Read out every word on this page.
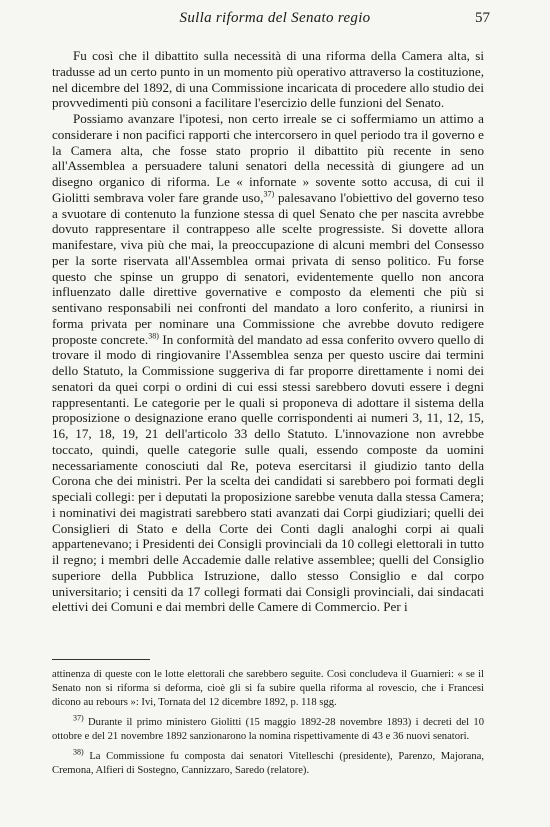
Sulla riforma del Senato regio	57

Fu così che il dibattito sulla necessità di una riforma della Camera alta, si tradusse ad un certo punto in un momento più operativo attraverso la costituzione, nel dicembre del 1892, di una Commissione incaricata di procedere allo studio dei provvedimenti più consoni a facilitare l'esercizio delle funzioni del Senato.

Possiamo avanzare l'ipotesi, non certo irreale se ci soffermiamo un attimo a considerare i non pacifici rapporti che intercorsero in quel periodo tra il governo e la Camera alta, che fosse stato proprio il dibattito più recente in seno all'Assemblea a persuadere taluni senatori della necessità di giungere ad un disegno organico di riforma. Le « infornate » sovente sotto accusa, di cui il Giolitti sembrava voler fare grande uso,$^{37)}$ palesavano l'obiettivo del governo teso a svuotare di contenuto la funzione stessa di quel Senato che per nascita avrebbe dovuto rappresentare il contrappeso alle scelte progressiste. Si dovette allora manifestare, viva più che mai, la preoccupazione di alcuni membri del Consesso per la sorte riservata all'Assemblea ormai privata di senso politico. Fu forse questo che spinse un gruppo di senatori, evidentemente quello non ancora influenzato dalle direttive governative e composto da elementi che più si sentivano responsabili nei confronti del mandato a loro conferito, a riunirsi in forma privata per nominare una Commissione che avrebbe dovuto redigere proposte concrete.$^{38)}$ In conformità del mandato ad essa conferito ovvero quello di trovare il modo di ringiovanire l'Assemblea senza per questo uscire dai termini dello Statuto, la Commissione suggeriva di far proporre direttamente i nomi dei senatori da quei corpi o ordini di cui essi stessi sarebbero dovuti essere i degni rappresentanti. Le categorie per le quali si proponeva di adottare il sistema della proposizione o designazione erano quelle corrispondenti ai numeri 3, 11, 12, 15, 16, 17, 18, 19, 21 dell'articolo 33 dello Statuto. L'innovazione non avrebbe toccato, quindi, quelle categorie sulle quali, essendo composte da uomini necessariamente conosciuti dal Re, poteva esercitarsi il giudizio tanto della Corona che dei ministri. Per la scelta dei candidati si sarebbero poi formati degli speciali collegi: per i deputati la proposizione sarebbe venuta dalla stessa Camera; i nominativi dei magistrati sarebbero stati avanzati dai Corpi giudiziari; quelli dei Consiglieri di Stato e della Corte dei Conti dagli analoghi corpi ai quali appartenevano; i Presidenti dei Consigli provinciali da 10 collegi elettorali in tutto il regno; i membri delle Accademie dalle relative assemblee; quelli del Consiglio superiore della Pubblica Istruzione, dallo stesso Consiglio e dal corpo universitario; i censiti da 17 collegi formati dai Consigli provinciali, dai sindacati elettivi dei Comuni e dai membri delle Camere di Commercio. Per i

attinenza di queste con le lotte elettorali che sarebbero seguite. Così concludeva il Guarnieri: « se il Senato non si riforma si deforma, cioè gli si fa subire quella riforma al rovescio, che i Francesi dicono au rebours »: Ivi, Tornata del 12 dicembre 1892, p. 118 sgg.

$^{37)}$ Durante il primo ministero Giolitti (15 maggio 1892-28 novembre 1893) i decreti del 10 ottobre e del 21 novembre 1892 sanzionarono la nomina rispettivamente di 43 e 36 nuovi senatori.

$^{38)}$ La Commissione fu composta dai senatori Vitelleschi (presidente), Parenzo, Majorana, Cremona, Alfieri di Sostegno, Cannizzaro, Saredo (relatore).
